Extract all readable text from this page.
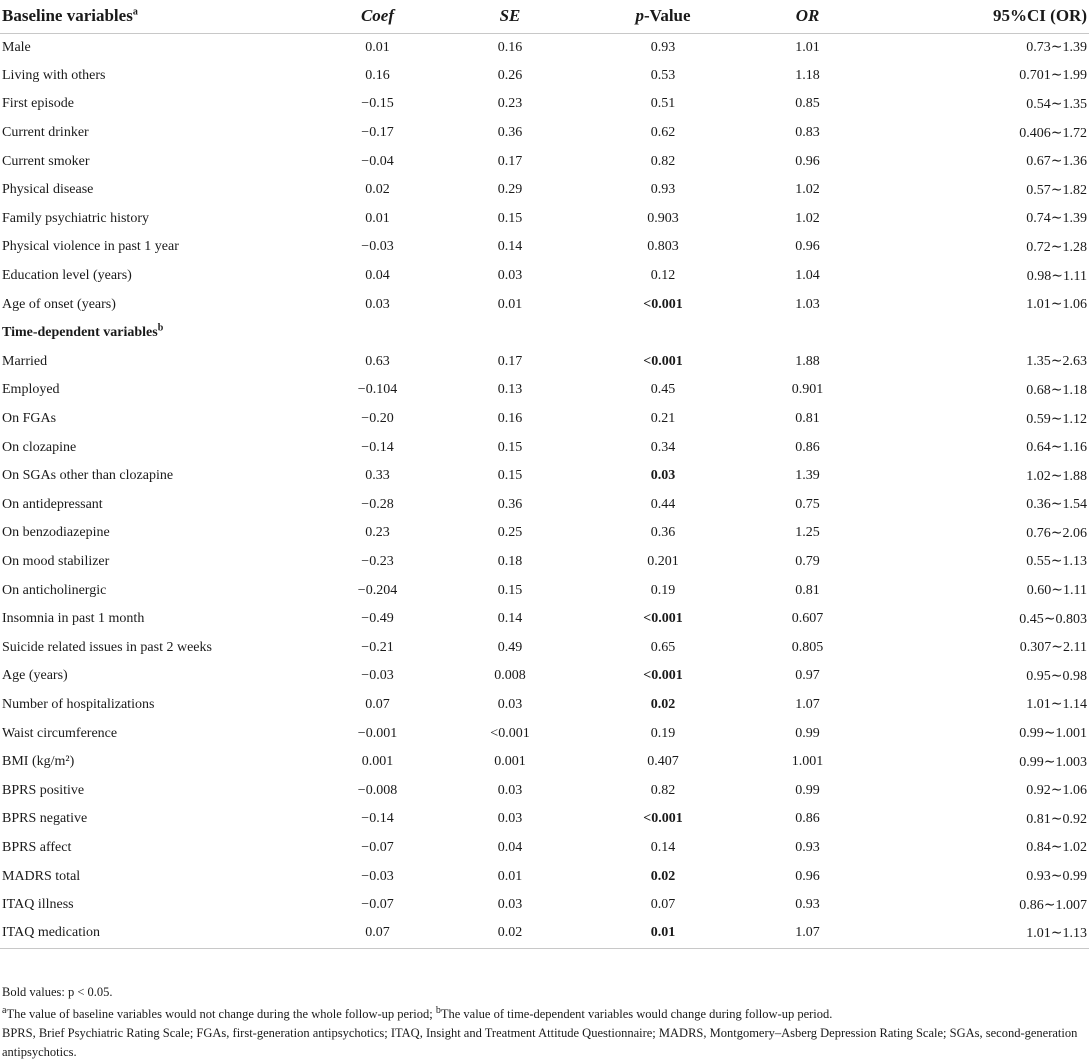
Baseline variables$^a$	Coef	SE	p-Value	OR	95%CI (OR)
Male	0.01	0.16	0.93	1.01	0.73∼1.39
Living with others	0.16	0.26	0.53	1.18	0.701∼1.99
First episode	−0.15	0.23	0.51	0.85	0.54∼1.35
Current drinker	−0.17	0.36	0.62	0.83	0.406∼1.72
Current smoker	−0.04	0.17	0.82	0.96	0.67∼1.36
Physical disease	0.02	0.29	0.93	1.02	0.57∼1.82
Family psychiatric history	0.01	0.15	0.903	1.02	0.74∼1.39
Physical violence in past 1 year	−0.03	0.14	0.803	0.96	0.72∼1.28
Education level (years)	0.04	0.03	0.12	1.04	0.98∼1.11
Age of onset (years)	0.03	0.01	<0.001	1.03	1.01∼1.06
Time-dependent variables$^b$
Married	0.63	0.17	<0.001	1.88	1.35∼2.63
Employed	−0.104	0.13	0.45	0.901	0.68∼1.18
On FGAs	−0.20	0.16	0.21	0.81	0.59∼1.12
On clozapine	−0.14	0.15	0.34	0.86	0.64∼1.16
On SGAs other than clozapine	0.33	0.15	0.03	1.39	1.02∼1.88
On antidepressant	−0.28	0.36	0.44	0.75	0.36∼1.54
On benzodiazepine	0.23	0.25	0.36	1.25	0.76∼2.06
On mood stabilizer	−0.23	0.18	0.201	0.79	0.55∼1.13
On anticholinergic	−0.204	0.15	0.19	0.81	0.60∼1.11
Insomnia in past 1 month	−0.49	0.14	<0.001	0.607	0.45∼0.803
Suicide related issues in past 2 weeks	−0.21	0.49	0.65	0.805	0.307∼2.11
Age (years)	−0.03	0.008	<0.001	0.97	0.95∼0.98
Number of hospitalizations	0.07	0.03	0.02	1.07	1.01∼1.14
Waist circumference	−0.001	<0.001	0.19	0.99	0.99∼1.001
BMI (kg/m²)	0.001	0.001	0.407	1.001	0.99∼1.003
BPRS positive	−0.008	0.03	0.82	0.99	0.92∼1.06
BPRS negative	−0.14	0.03	<0.001	0.86	0.81∼0.92
BPRS affect	−0.07	0.04	0.14	0.93	0.84∼1.02
MADRS total	−0.03	0.01	0.02	0.96	0.93∼0.99
ITAQ illness	−0.07	0.03	0.07	0.93	0.86∼1.007
ITAQ medication	0.07	0.02	0.01	1.07	1.01∼1.13
Bold values: p < 0.05.
$^a$The value of baseline variables would not change during the whole follow-up period; $^b$The value of time-dependent variables would change during follow-up period.
BPRS, Brief Psychiatric Rating Scale; FGAs, first-generation antipsychotics; ITAQ, Insight and Treatment Attitude Questionnaire; MADRS, Montgomery–Asberg Depression Rating Scale; SGAs, second-generation antipsychotics.
